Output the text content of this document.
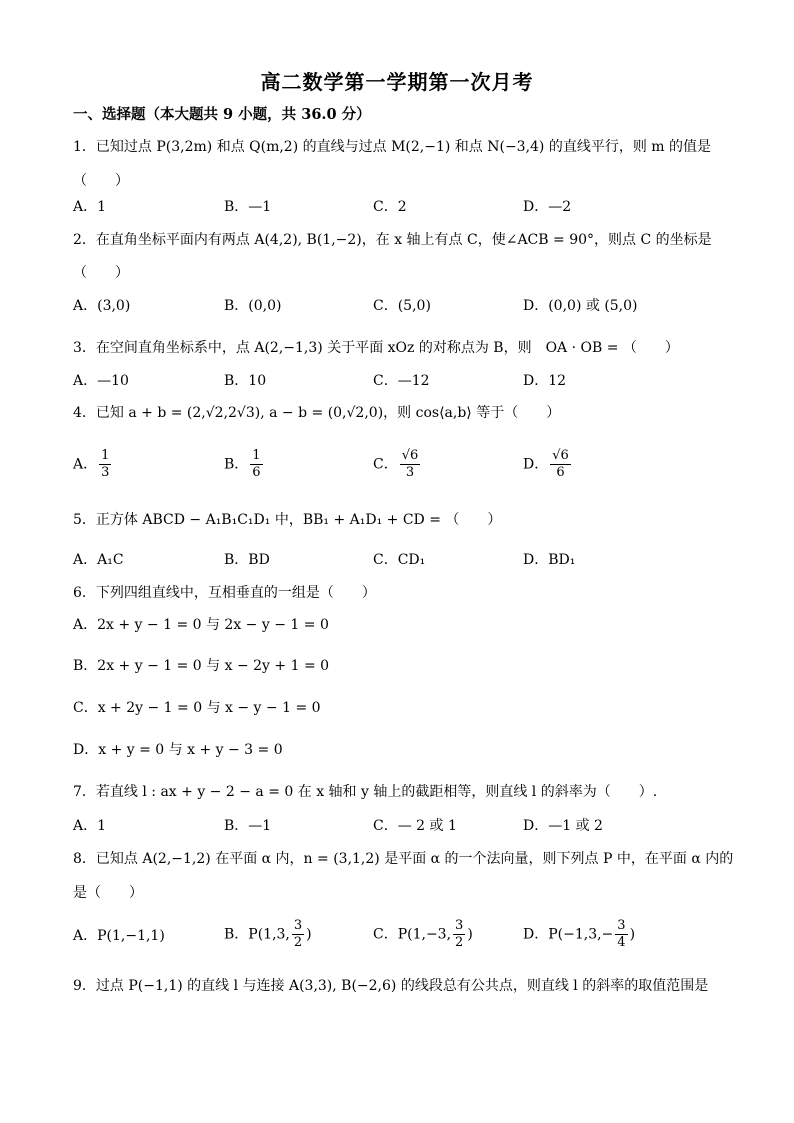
高二数学第一学期第一次月考
一、选择题（本大题共 9 小题，共 36.0 分）
1．已知过点 P(3,2m) 和点 Q(m,2) 的直线与过点 M(2,−1) 和点 N(−3,4) 的直线平行，则 m 的值是
（　　）
A．1	B．—1	C．2	D．—2
2．在直角坐标平面内有两点 A(4,2), B(1,−2)，在 x 轴上有点 C，使∠ACB = 90°，则点 C 的坐标是
（　　）
A．(3,0)	B．(0,0)	C．(5,0)	D．(0,0) 或 (5,0)
3．在空间直角坐标系中，点 A(2,−1,3) 关于平面 xOz 的对称点为 B，则　OA · OB = （　　）
A．—10	B．10	C．—12	D．12
4．已知 a + b = (2,√2,2√3), a − b = (0,√2,0)，则 cos⟨a,b⟩ 等于（　　）
A． $\frac{1}{3}$	B． $\frac{1}{6}$	C． $\frac{√6}{3}$	D． $\frac{√6}{6}$
5．正方体 ABCD − A₁B₁C₁D₁ 中，BB₁ + A₁D₁ + CD = （　　）
A．A₁C	B．BD	C．CD₁	D．BD₁
6．下列四组直线中，互相垂直的一组是（　　）
A．2x + y − 1 = 0 与 2x − y − 1 = 0
B．2x + y − 1 = 0 与 x − 2y + 1 = 0
C．x + 2y − 1 = 0 与 x − y − 1 = 0
D．x + y = 0 与 x + y − 3 = 0
7．若直线 l : ax + y − 2 − a = 0 在 x 轴和 y 轴上的截距相等，则直线 l 的斜率为（　　）.
A．1	B．—1	C．— 2 或 1	D．—1 或 2
8．已知点 A(2,−1,2) 在平面 α 内，n = (3,1,2) 是平面 α 的一个法向量，则下列点 P 中，在平面 α 内的
是（　　）
A．P(1,−1,1)	B．P(1,3, $\frac{3}{2}$ )	C．P(1,−3, $\frac{3}{2}$ )	D．$P(-1,3,- \frac{3}{4}$ )
9．过点 P(−1,1) 的直线 l 与连接 A(3,3), B(−2,6) 的线段总有公共点，则直线 l 的斜率的取值范围是
